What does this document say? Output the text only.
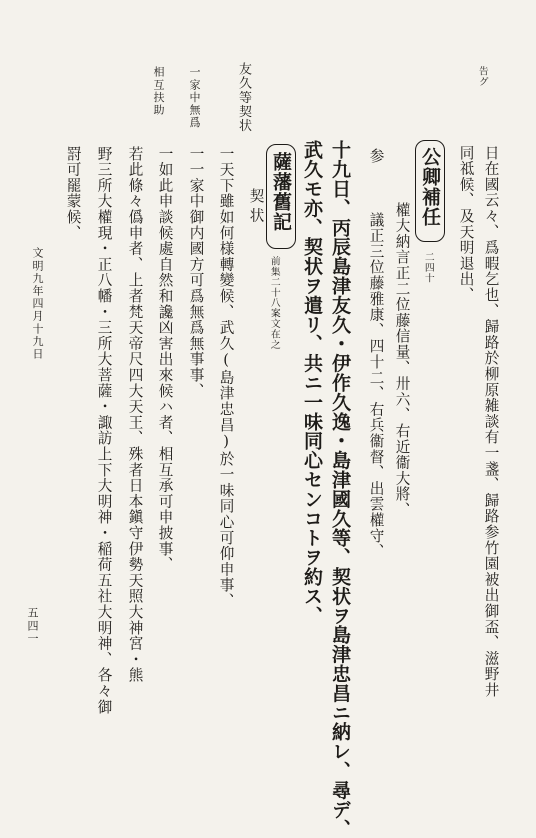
告グ
友久等契状
一家中無爲
相互扶助
日在國云々、爲暇乞也、歸路於柳原雑談有一盞、歸路参竹園被出御盃、滋野井
同祗候、及天明退出、
公卿補任
二四十
權大納言正二位藤信量、卅六、右近衞大將、
参
議正三位藤雅康、四十二、右兵衞督、出雲權守、
十九日、丙辰島津友久・伊作久逸・島津國久等、契状ヲ島津忠昌ニ納レ、尋デ、
武久モ亦、契状ヲ遣リ、共ニ一味同心センコトヲ約ス、
薩藩舊記
前集二十八案文在之
契状
一天下雖如何様轉變候、武久(島津忠昌)於一味同心可仰申事、
一一家中御内國方可爲無爲無事事、
一如此申談候處自然和讒凶害出來候ハ者、相互承可申披事、
若此條々僞申者、上者梵天帝尺四大天王、殊者日本鎭守伊勢天照大神宮・熊
野三所大權現・正八幡・三所大菩薩・諏訪上下大明神・稲荷五社大明神、各々御
罸可罷蒙候、
文明九年四月十九日
五四一
